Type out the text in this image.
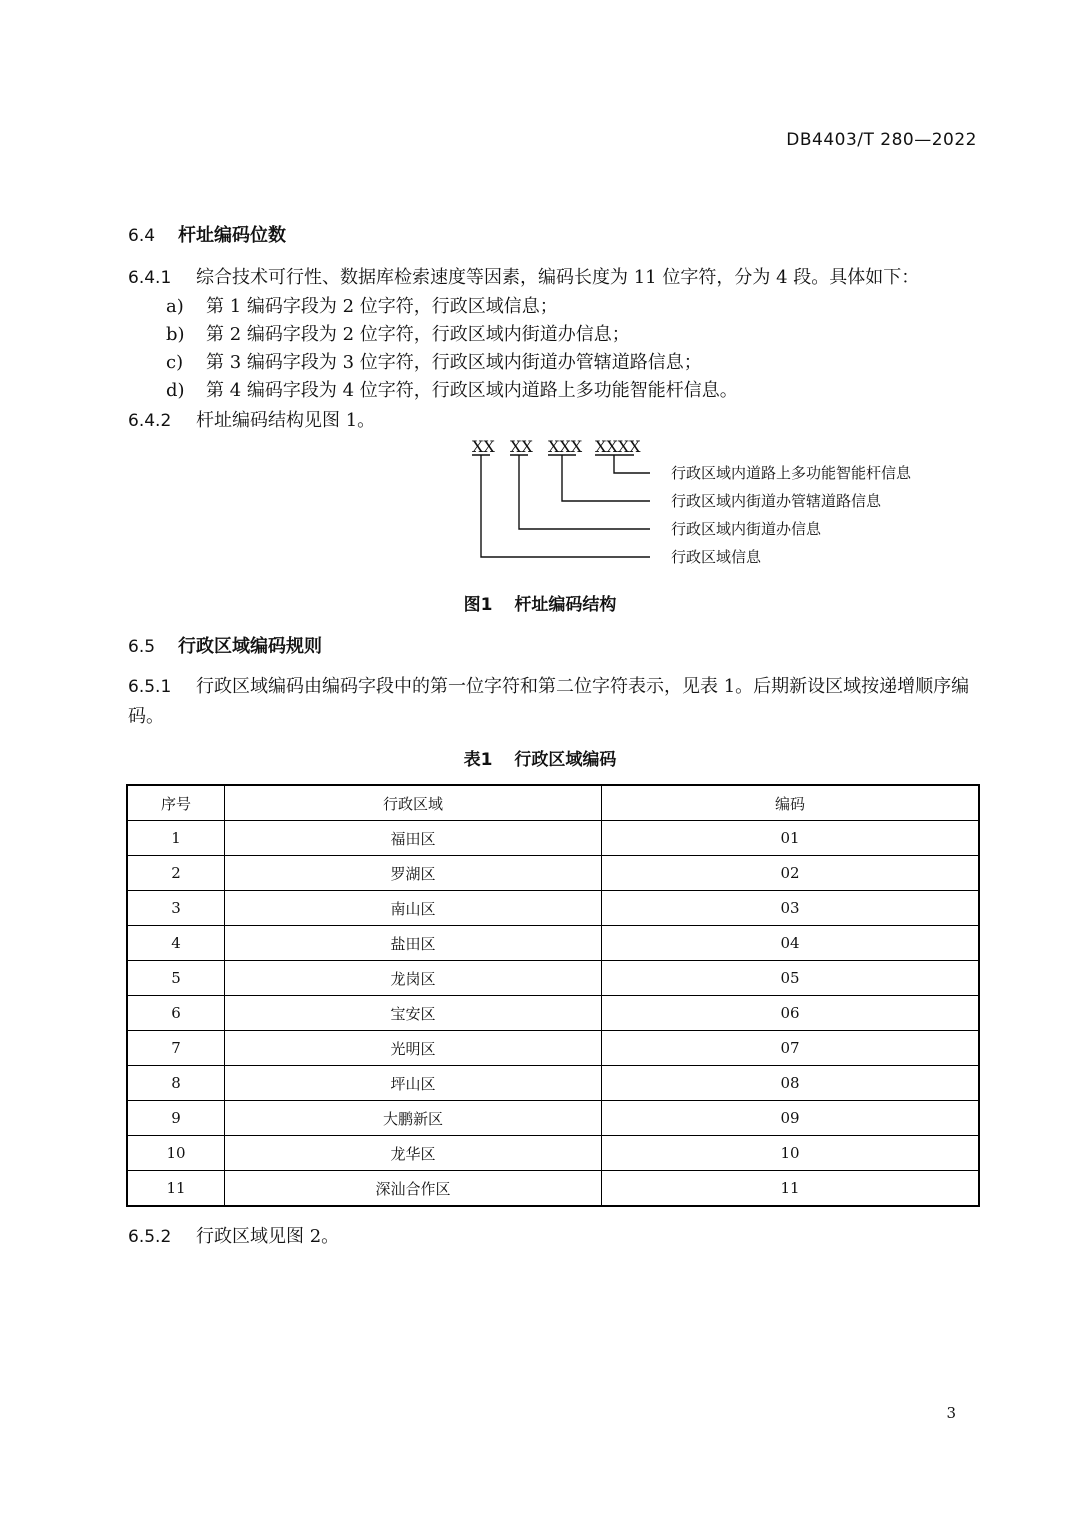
DB4403/T 280—2022
6.4 杆址编码位数
6.4.1 综合技术可行性、数据库检索速度等因素，编码长度为 11 位字符，分为 4 段。具体如下：
a) 第 1 编码字段为 2 位字符，行政区域信息；
b) 第 2 编码字段为 2 位字符，行政区域内街道办信息；
c) 第 3 编码字段为 3 位字符，行政区域内街道办管辖道路信息；
d) 第 4 编码字段为 4 位字符，行政区域内道路上多功能智能杆信息。
6.4.2 杆址编码结构见图 1。
XX XX XXX XXXX
行政区域内道路上多功能智能杆信息
行政区域内街道办管辖道路信息
行政区域内街道办信息
行政区域信息
图1 杆址编码结构
6.5 行政区域编码规则
6.5.1 行政区域编码由编码字段中的第一位字符和第二位字符表示，见表 1。后期新设区域按递增顺序编码。
表1 行政区域编码
序号	行政区域	编码
1	福田区	01
2	罗湖区	02
3	南山区	03
4	盐田区	04
5	龙岗区	05
6	宝安区	06
7	光明区	07
8	坪山区	08
9	大鹏新区	09
10	龙华区	10
11	深汕合作区	11
6.5.2 行政区域见图 2。
3
